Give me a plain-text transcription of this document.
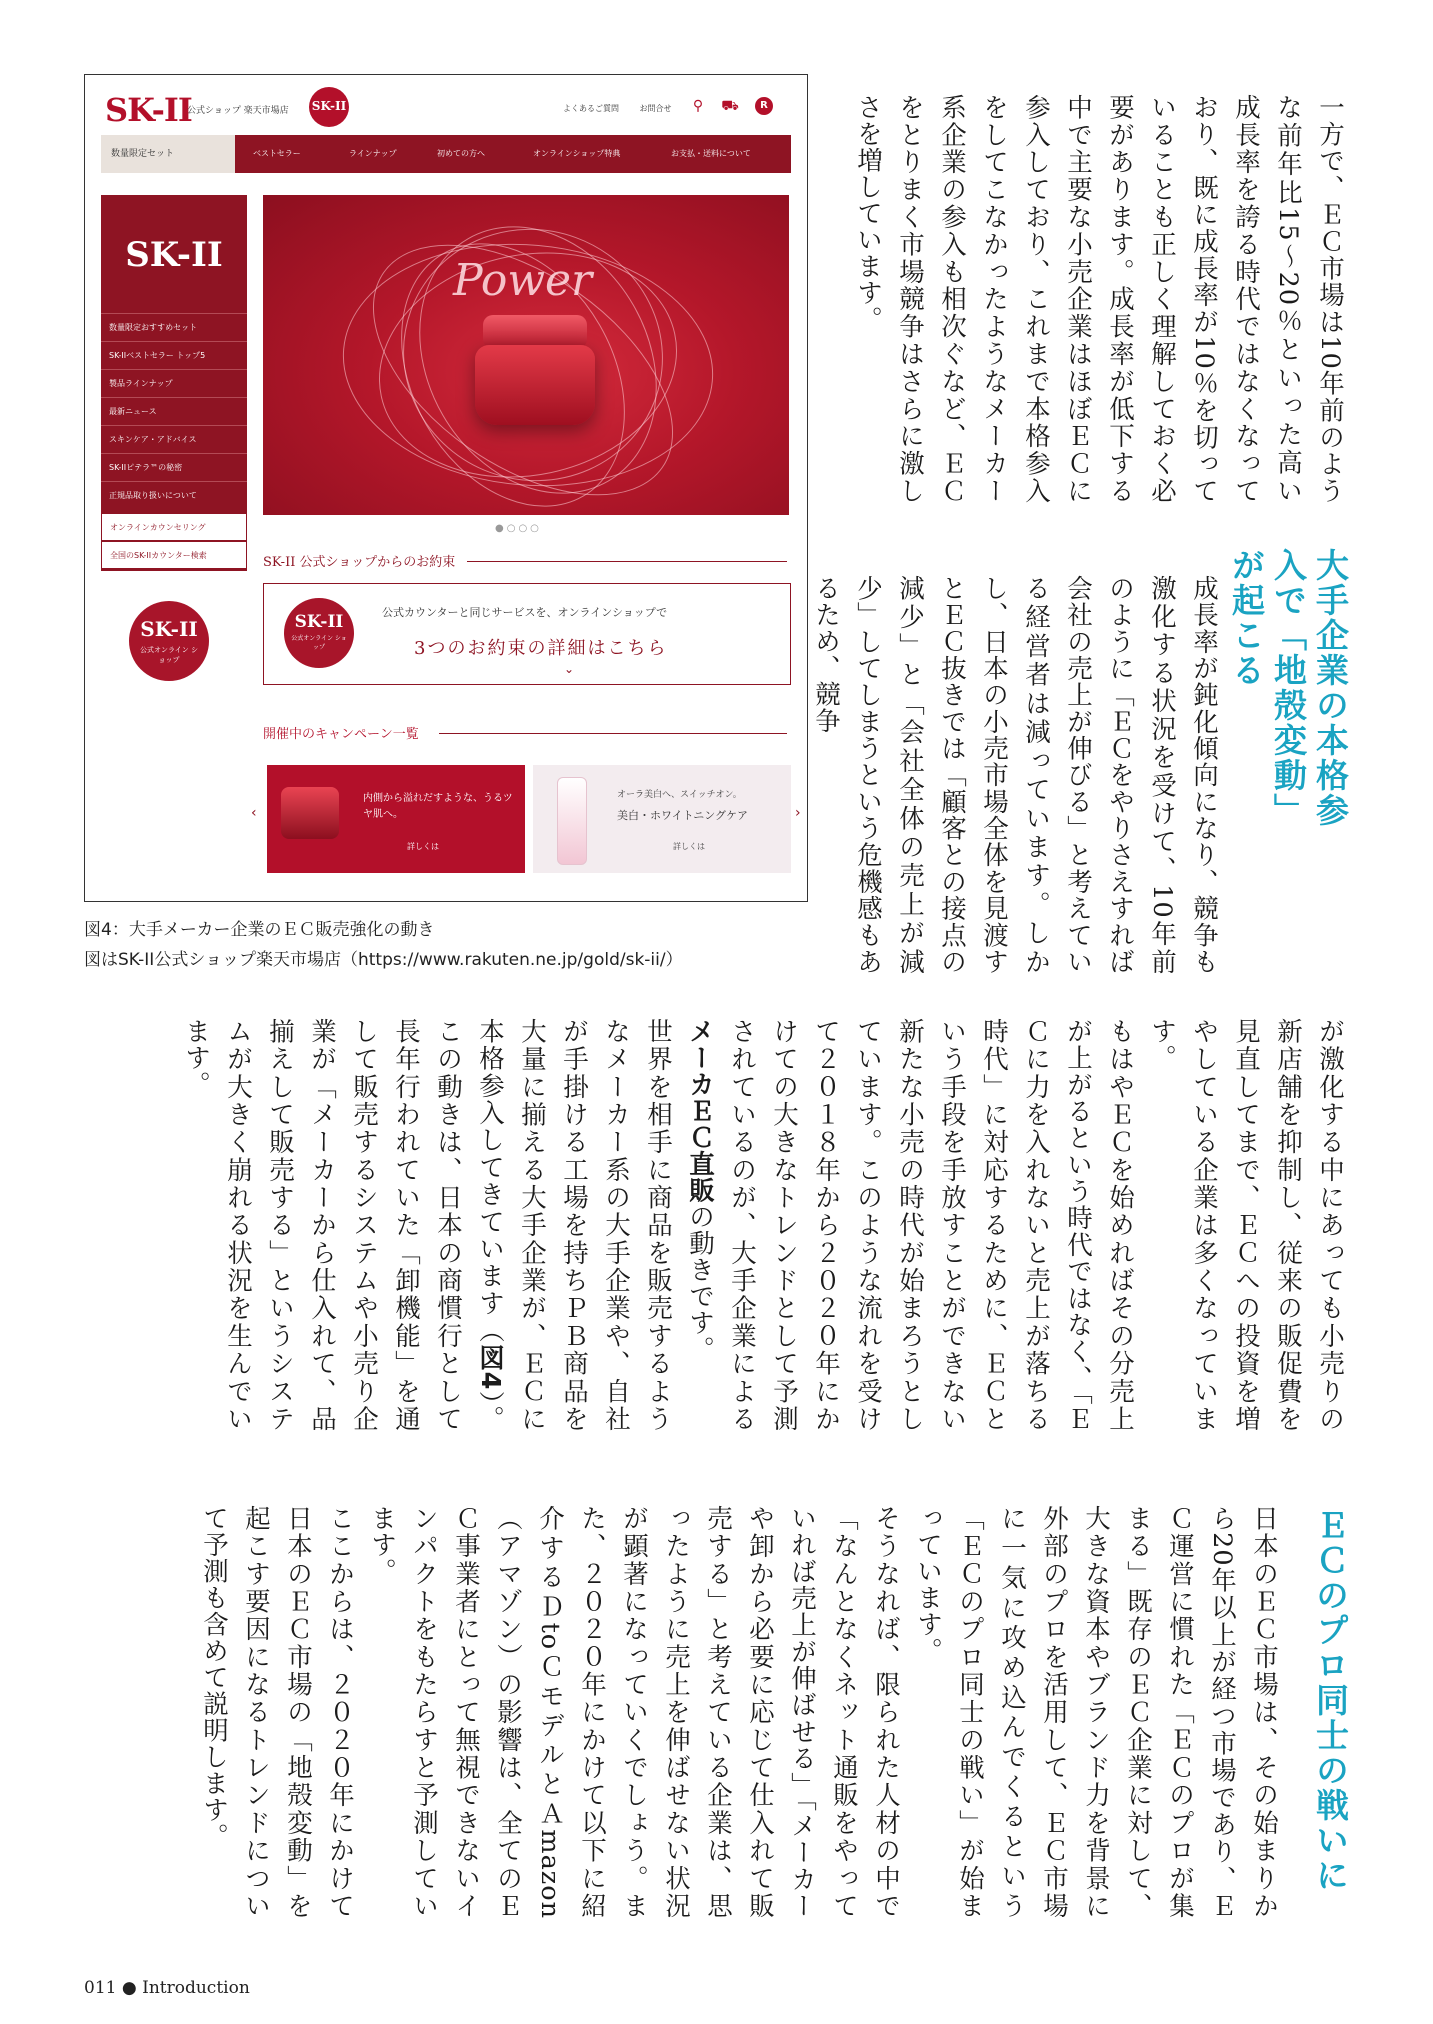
SK-II
公式ショップ 楽天市場店 SK-II	よくあるご質問	お問合せ	⚲ ⛟	R
数量限定セット	ベストセラー	ラインナップ	初めての方へ	オンラインショップ特典	お支払・送料について
SK-II
数量限定おすすめセット
SK-IIベストセラー トップ5
製品ラインナップ
最新ニュース
スキンケア・アドバイス
SK-IIピテラ™の秘密
正規品取り扱いについて
オンラインカウンセリング
全国のSK-IIカウンター検索
SK-II
公式オンライン ショップ
Power
●○○○
SK-II 公式ショップからのお約束
SK-II
公式オンライン ショップ
公式カウンターと同じサービスを、オンラインショップで
3つのお約束の詳細はこちら
⌄
開催中のキャンペーン一覧
‹
内側から溢れだすような、うるツヤ肌へ。
詳しくは
オーラ美白へ、スイッチオン。
美白・ホワイトニングケア
詳しくは
›
図4：大手メーカー企業のＥＣ販売強化の動き
図はSK-II公式ショップ楽天市場店（https://www.rakuten.ne.jp/gold/sk-ii/）
一方で、ＥＣ市場は10年前のような前年比15～20％といった高い成長率を誇る時代ではなくなっており、既に成長率が10％を切っていることも正しく理解しておく必要があります。成長率が低下する中で主要な小売企業はほぼＥＣに参入しており、これまで本格参入をしてこなかったようなメーカー系企業の参入も相次ぐなど、ＥＣをとりまく市場競争はさらに激しさを増しています。
大手企業の本格参入で「地殻変動」が起こる
成長率が鈍化傾向になり、競争も激化する状況を受けて、10年前のように「ＥＣをやりさえすれば会社の売上が伸びる」と考えている経営者は減っています。しかし、日本の小売市場全体を見渡すとＥＣ抜きでは「顧客との接点の減少」と「会社全体の売上が減少」してしまうという危機感もあるため、競争
が激化する中にあっても小売りの新店舗を抑制し、従来の販促費を見直してまで、ＥＣへの投資を増やしている企業は多くなっています。
もはやＥＣを始めればその分売上が上がるという時代ではなく、「ＥＣに力を入れないと売上が落ちる時代」に対応するために、ＥＣという手段を手放すことができない新たな小売の時代が始まろうとしています。このような流れを受けて２０１８年から２０２０年にかけての大きなトレンドとして予測されているのが、大手企業によるメーカＥＣ直販の動きです。
世界を相手に商品を販売するようなメーカー系の大手企業や、自社が手掛ける工場を持ちＰＢ商品を大量に揃える大手企業が、ＥＣに本格参入してきています（図4）。この動きは、日本の商慣行として長年行われていた「卸機能」を通して販売するシステムや小売り企業が「メーカーから仕入れて、品揃えして販売する」というシステムが大きく崩れる状況を生んでいます。
ＥＣのプロ同士の戦いに
日本のＥＣ市場は、その始まりから20年以上が経つ市場であり、ＥＣ運営に慣れた「ＥＣのプロが集まる」既存のＥＣ企業に対して、大きな資本やブランド力を背景に外部のプロを活用して、ＥＣ市場に一気に攻め込んでくるという「ＥＣのプロ同士の戦い」が始まっています。
そうなれば、限られた人材の中で「なんとなくネット通販をやっていれば売上が伸ばせる」「メーカーや卸から必要に応じて仕入れて販売する」と考えている企業は、思ったように売上を伸ばせない状況が顕著になっていくでしょう。また、２０２０年にかけて以下に紹介するＤtoＣモデルとＡmazon（アマゾン）の影響は、全てのＥＣ事業者にとって無視できないインパクトをもたらすと予測しています。
ここからは、２０２０年にかけて日本のＥＣ市場の「地殻変動」を起こす要因になるトレンドについて予測も含めて説明します。
011 ● Introduction
